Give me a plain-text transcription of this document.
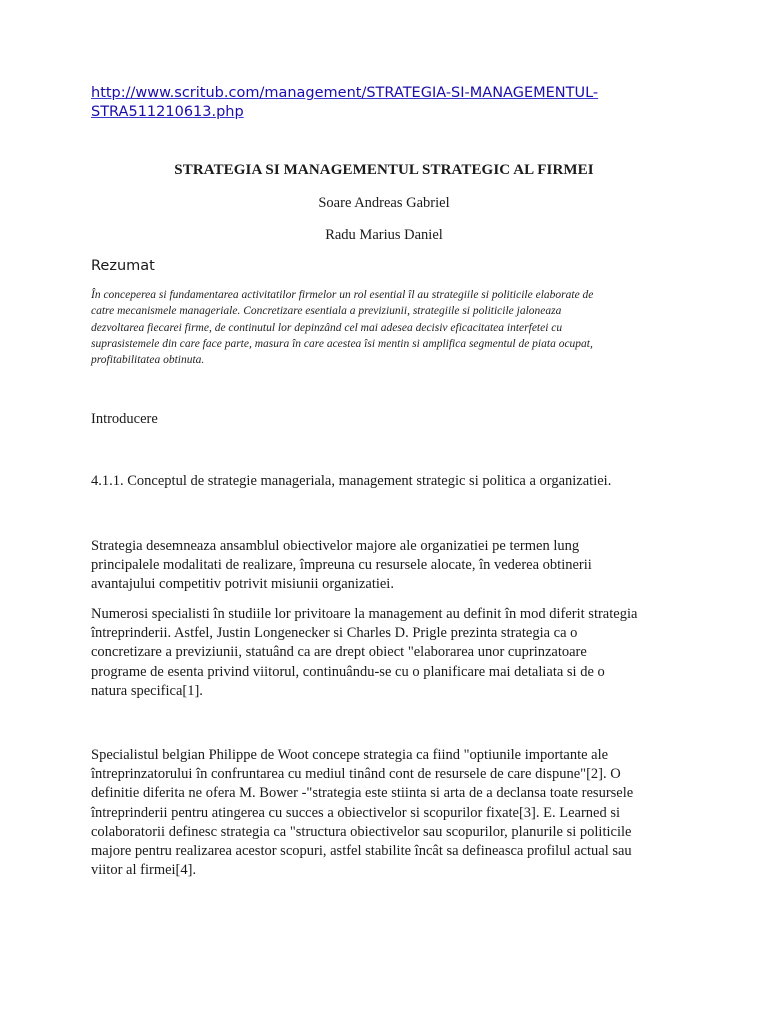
http://www.scritub.com/management/STRATEGIA-SI-MANAGEMENTUL-
STRA511210613.php
STRATEGIA SI MANAGEMENTUL STRATEGIC AL FIRMEI
Soare Andreas Gabriel
Radu Marius Daniel
Rezumat
În conceperea si fundamentarea activitatilor firmelor un rol esential îl au strategiile si politicile elaborate de
catre mecanismele manageriale. Concretizare esentiala a previziunii, strategiile si politicile jaloneaza
dezvoltarea fiecarei firme, de continutul lor depinzând cel mai adesea decisiv eficacitatea interfetei cu
suprasistemele din care face parte, masura în care acestea îsi mentin si amplifica segmentul de piata ocupat,
profitabilitatea obtinuta.
Introducere
4.1.1. Conceptul de strategie manageriala, management strategic si politica a organizatiei.
Strategia desemneaza ansamblul obiectivelor majore ale organizatiei pe termen lung
principalele modalitati de realizare, împreuna cu resursele alocate, în vederea obtinerii
avantajului competitiv potrivit misiunii organizatiei.
Numerosi specialisti în studiile lor privitoare la management au definit în mod diferit strategia
întreprinderii. Astfel, Justin Longenecker si Charles D. Prigle prezinta strategia ca o
concretizare a previziunii, statuând ca are drept obiect "elaborarea unor cuprinzatoare
programe de esenta privind viitorul, continuându-se cu o planificare mai detaliata si de o
natura specifica[1].
Specialistul belgian Philippe de Woot concepe strategia ca fiind "optiunile importante ale
întreprinzatorului în confruntarea cu mediul tinând cont de resursele de care dispune"[2]. O
definitie diferita ne ofera M. Bower -"strategia este stiinta si arta de a declansa toate resursele
întreprinderii pentru atingerea cu succes a obiectivelor si scopurilor fixate[3]. E. Learned si
colaboratorii definesc strategia ca "structura obiectivelor sau scopurilor, planurile si politicile
majore pentru realizarea acestor scopuri, astfel stabilite încât sa defineasca profilul actual sau
viitor al firmei[4].
